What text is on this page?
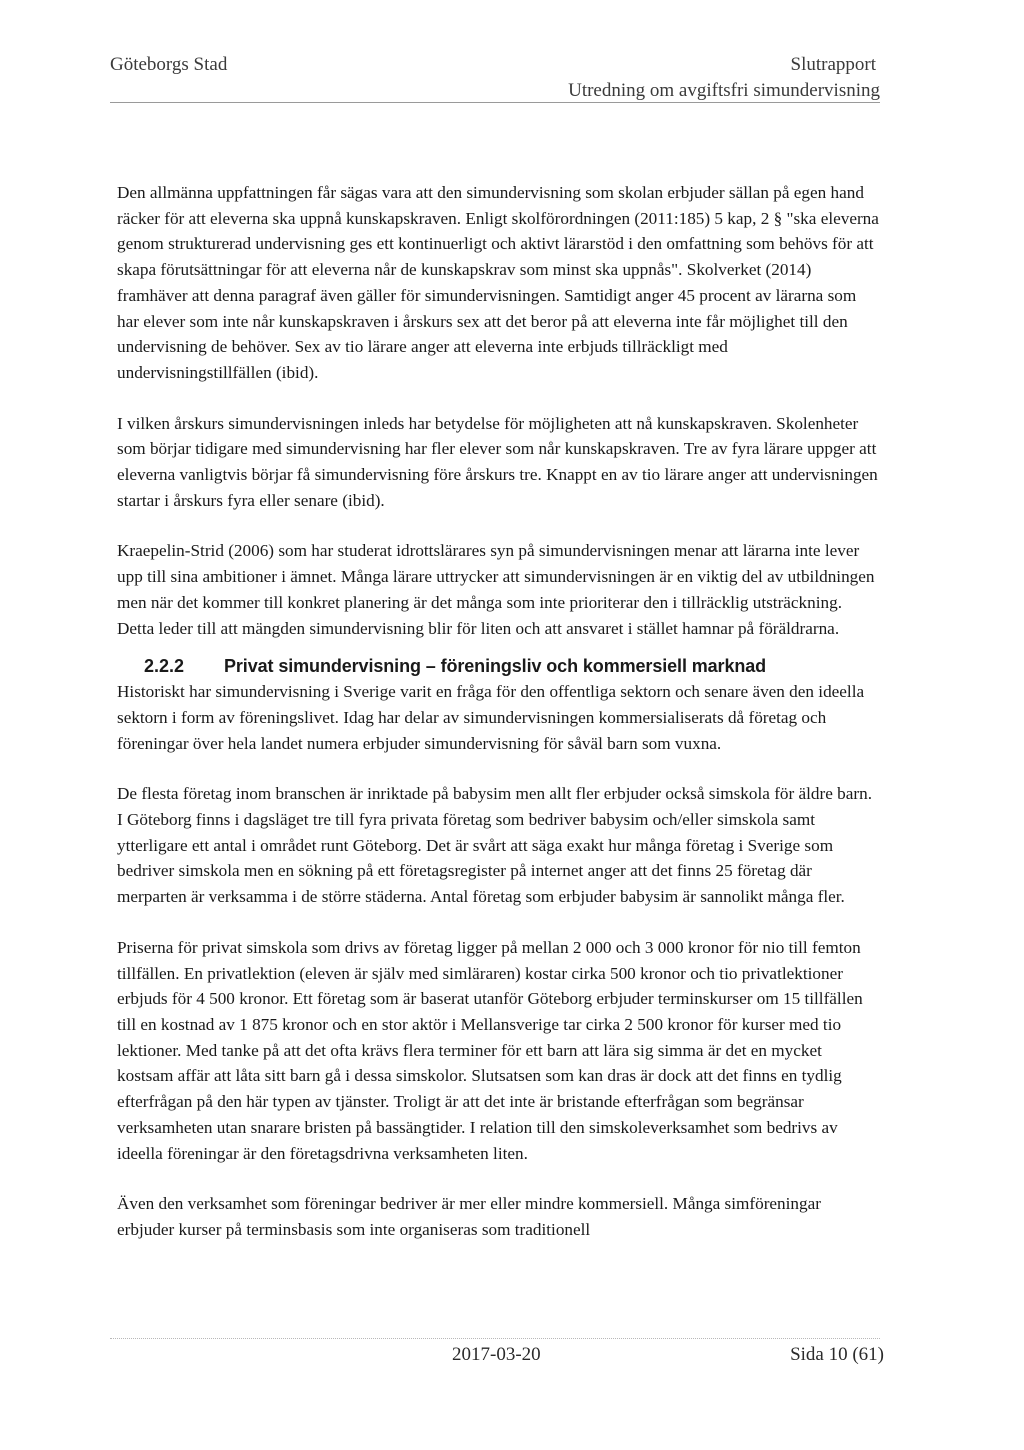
Göteborgs Stad	Slutrapport
Utredning om avgiftsfri simundervisning

Den allmänna uppfattningen får sägas vara att den simundervisning som skolan erbjuder sällan på egen hand räcker för att eleverna ska uppnå kunskapskraven. Enligt skolförordningen (2011:185) 5 kap, 2 § "ska eleverna genom strukturerad undervisning ges ett kontinuerligt och aktivt lärarstöd i den omfattning som behövs för att skapa förutsättningar för att eleverna når de kunskapskrav som minst ska uppnås". Skolverket (2014) framhäver att denna paragraf även gäller för simundervisningen. Samtidigt anger 45 procent av lärarna som har elever som inte når kunskapskraven i årskurs sex att det beror på att eleverna inte får möjlighet till den undervisning de behöver. Sex av tio lärare anger att eleverna inte erbjuds tillräckligt med undervisningstillfällen (ibid).

I vilken årskurs simundervisningen inleds har betydelse för möjligheten att nå kunskapskraven. Skolenheter som börjar tidigare med simundervisning har fler elever som når kunskapskraven. Tre av fyra lärare uppger att eleverna vanligtvis börjar få simundervisning före årskurs tre. Knappt en av tio lärare anger att undervisningen startar i årskurs fyra eller senare (ibid).

Kraepelin-Strid (2006) som har studerat idrottslärares syn på simundervisningen menar att lärarna inte lever upp till sina ambitioner i ämnet. Många lärare uttrycker att simundervisningen är en viktig del av utbildningen men när det kommer till konkret planering är det många som inte prioriterar den i tillräcklig utsträckning. Detta leder till att mängden simundervisning blir för liten och att ansvaret i stället hamnar på föräldrarna.

2.2.2	Privat simundervisning – föreningsliv och kommersiell marknad

Historiskt har simundervisning i Sverige varit en fråga för den offentliga sektorn och senare även den ideella sektorn i form av föreningslivet. Idag har delar av simundervisningen kommersialiserats då företag och föreningar över hela landet numera erbjuder simundervisning för såväl barn som vuxna.

De flesta företag inom branschen är inriktade på babysim men allt fler erbjuder också simskola för äldre barn. I Göteborg finns i dagsläget tre till fyra privata företag som bedriver babysim och/eller simskola samt ytterligare ett antal i området runt Göteborg. Det är svårt att säga exakt hur många företag i Sverige som bedriver simskola men en sökning på ett företagsregister på internet anger att det finns 25 företag där merparten är verksamma i de större städerna. Antal företag som erbjuder babysim är sannolikt många fler.

Priserna för privat simskola som drivs av företag ligger på mellan 2 000 och 3 000 kronor för nio till femton tillfällen. En privatlektion (eleven är själv med simläraren) kostar cirka 500 kronor och tio privatlektioner erbjuds för 4 500 kronor. Ett företag som är baserat utanför Göteborg erbjuder terminskurser om 15 tillfällen till en kostnad av 1 875 kronor och en stor aktör i Mellansverige tar cirka 2 500 kronor för kurser med tio lektioner. Med tanke på att det ofta krävs flera terminer för ett barn att lära sig simma är det en mycket kostsam affär att låta sitt barn gå i dessa simskolor. Slutsatsen som kan dras är dock att det finns en tydlig efterfrågan på den här typen av tjänster. Troligt är att det inte är bristande efterfrågan som begränsar verksamheten utan snarare bristen på bassängtider. I relation till den simskoleverksamhet som bedrivs av ideella föreningar är den företagsdrivna verksamheten liten.

Även den verksamhet som föreningar bedriver är mer eller mindre kommersiell. Många simföreningar erbjuder kurser på terminsbasis som inte organiseras som traditionell

2017-03-20	Sida 10 (61)
